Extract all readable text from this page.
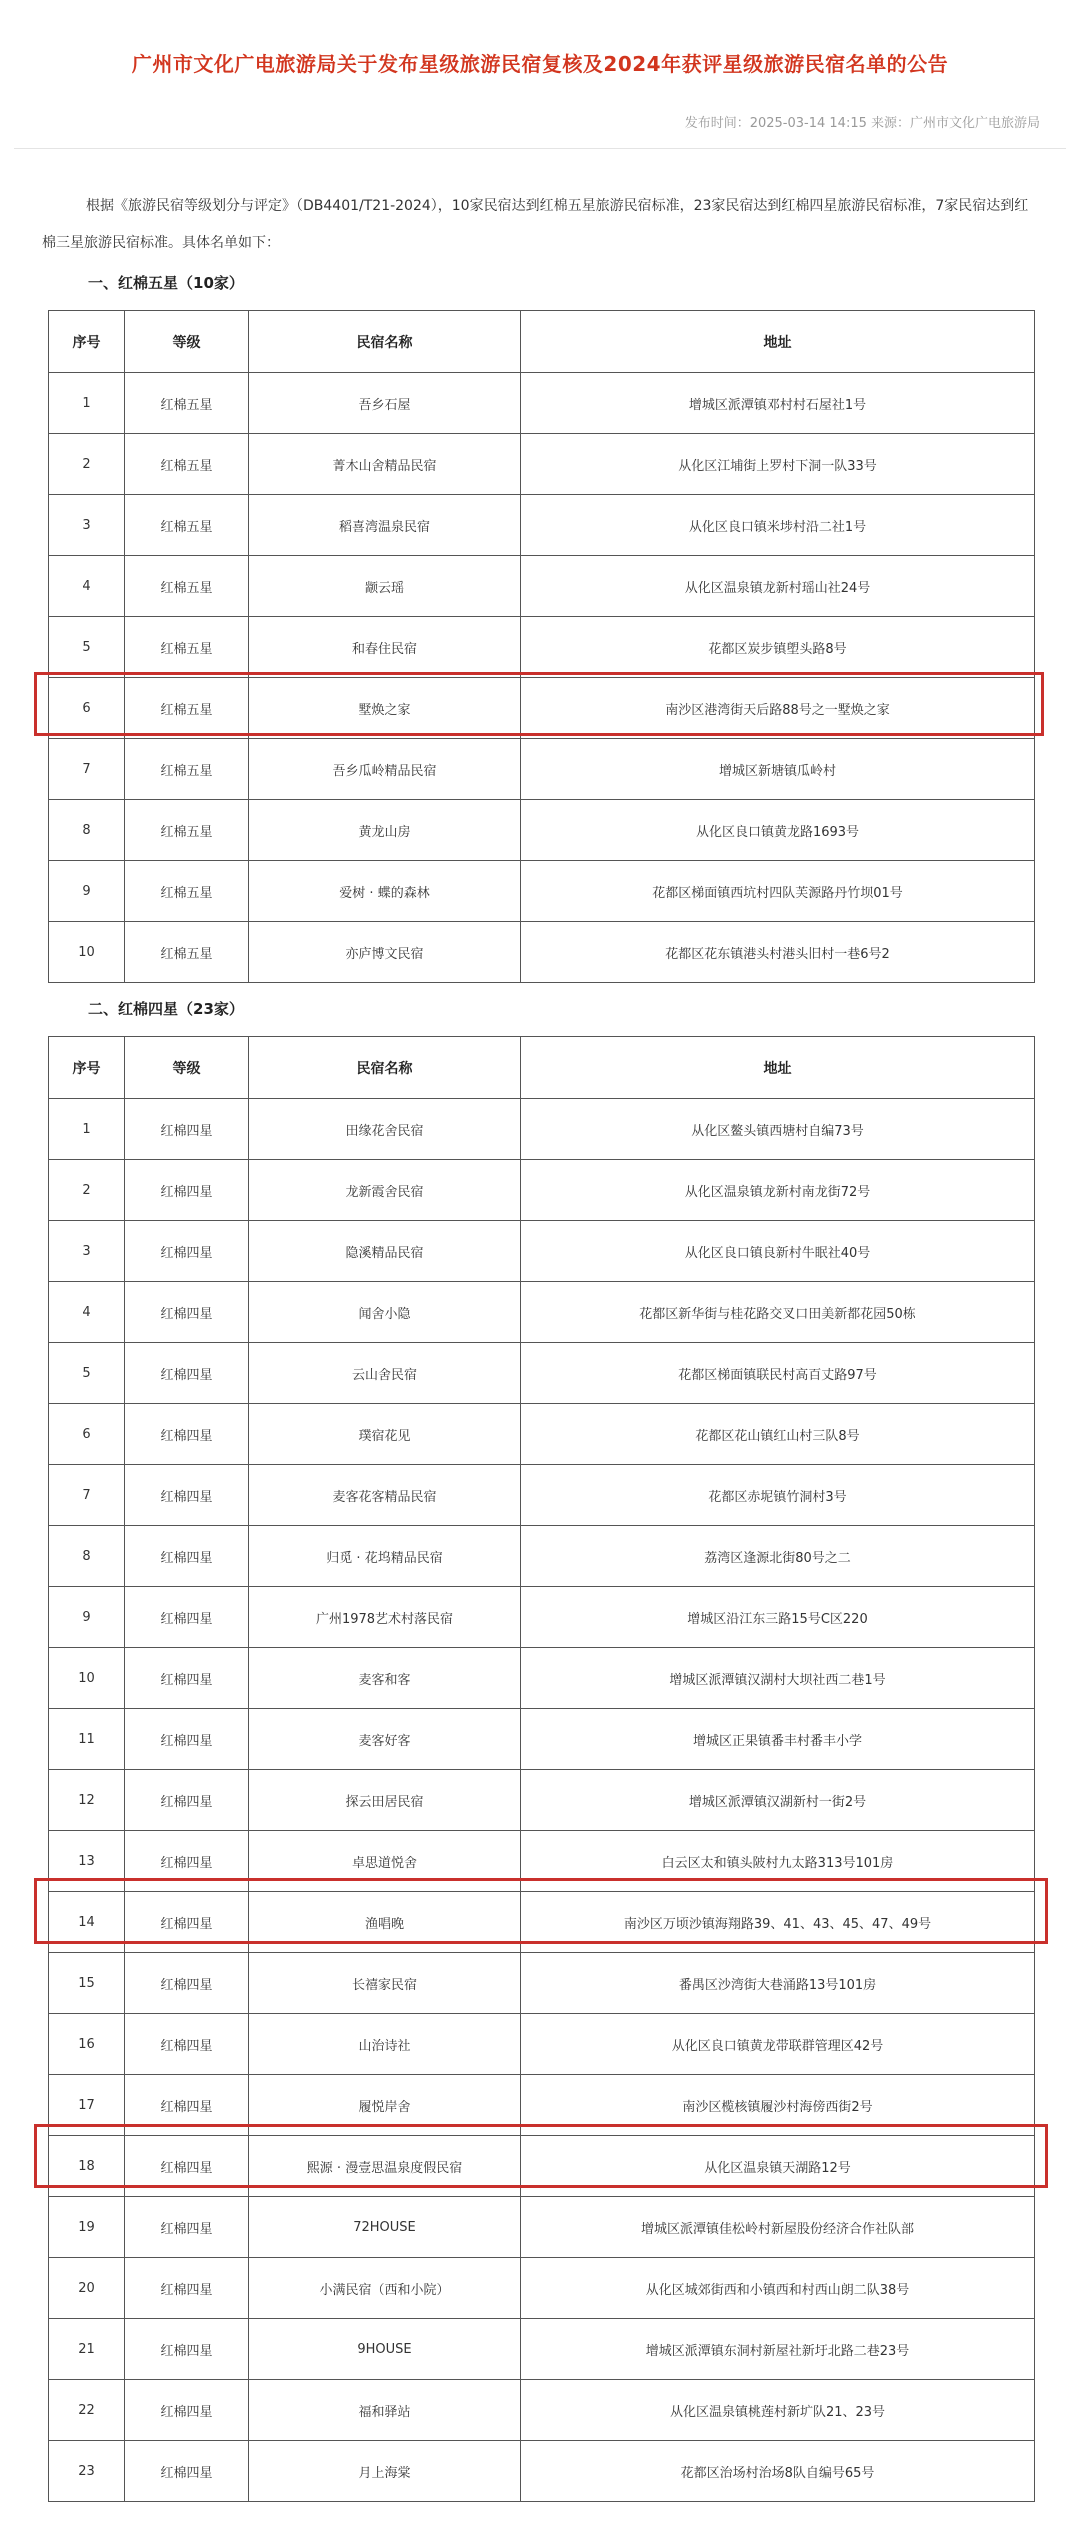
广州市文化广电旅游局关于发布星级旅游民宿复核及2024年获评星级旅游民宿名单的公告
发布时间：2025-03-14 14:15 来源：广州市文化广电旅游局
根据《旅游民宿等级划分与评定》（DB4401/T21-2024），10家民宿达到红棉五星旅游民宿标准，23家民宿达到红棉四星旅游民宿标准，7家民宿达到红棉三星旅游民宿标准。具体名单如下：
一、红棉五星（10家）
序号	等级	民宿名称	地址
1	红棉五星	吾乡石屋	增城区派潭镇邓村村石屋社1号
2	红棉五星	菁木山舍精品民宿	从化区江埔街上罗村下洞一队33号
3	红棉五星	稻喜湾温泉民宿	从化区良口镇米埗村沿二社1号
4	红棉五星	颛云瑶	从化区温泉镇龙新村瑶山社24号
5	红棉五星	和春住民宿	花都区炭步镇塱头路8号
6	红棉五星	墅焕之家	南沙区港湾街天后路88号之一墅焕之家
7	红棉五星	吾乡瓜岭精品民宿	增城区新塘镇瓜岭村
8	红棉五星	黄龙山房	从化区良口镇黄龙路1693号
9	红棉五星	爱树 · 蝶的森林	花都区梯面镇西坑村四队芙源路丹竹坝01号
10	红棉五星	亦庐博文民宿	花都区花东镇港头村港头旧村一巷6号2
二、红棉四星（23家）
序号	等级	民宿名称	地址
1	红棉四星	田缘花舍民宿	从化区鳌头镇西塘村自编73号
2	红棉四星	龙新霞舍民宿	从化区温泉镇龙新村南龙街72号
3	红棉四星	隐溪精品民宿	从化区良口镇良新村牛眠社40号
4	红棉四星	闻舍小隐	花都区新华街与桂花路交叉口田美新都花园50栋
5	红棉四星	云山舍民宿	花都区梯面镇联民村高百丈路97号
6	红棉四星	璞宿花见	花都区花山镇红山村三队8号
7	红棉四星	麦客花客精品民宿	花都区赤坭镇竹洞村3号
8	红棉四星	归觅 · 花坞精品民宿	荔湾区逢源北街80号之二
9	红棉四星	广州1978艺术村落民宿	增城区沿江东三路15号C区220
10	红棉四星	麦客和客	增城区派潭镇汉湖村大坝社西二巷1号
11	红棉四星	麦客好客	增城区正果镇番丰村番丰小学
12	红棉四星	探云田居民宿	增城区派潭镇汉湖新村一街2号
13	红棉四星	卓思道悦舍	白云区太和镇头陂村九太路313号101房
14	红棉四星	渔唱晚	南沙区万顷沙镇海翔路39、41、43、45、47、49号
15	红棉四星	长禧家民宿	番禺区沙湾街大巷涌路13号101房
16	红棉四星	山治诗社	从化区良口镇黄龙带联群管理区42号
17	红棉四星	履悦岸舍	南沙区榄核镇履沙村海傍西街2号
18	红棉四星	熙源 · 漫壹思温泉度假民宿	从化区温泉镇天湖路12号
19	红棉四星	72HOUSE	增城区派潭镇佳松岭村新屋股份经济合作社队部
20	红棉四星	小满民宿（西和小院）	从化区城郊街西和小镇西和村西山朗二队38号
21	红棉四星	9HOUSE	增城区派潭镇东洞村新屋社新圩北路二巷23号
22	红棉四星	福和驿站	从化区温泉镇桃莲村新圹队21、23号
23	红棉四星	月上海棠	花都区治场村治场8队自编号65号
